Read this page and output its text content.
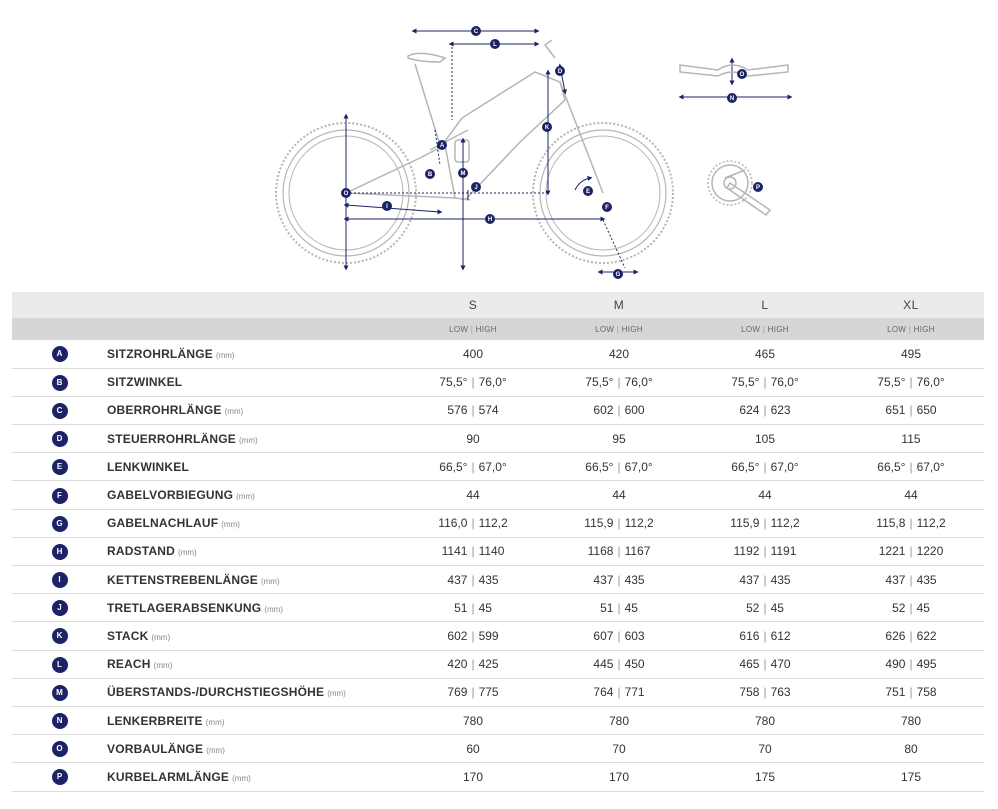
C
L
D
K
A
B	M
J
O
I
H
E
F
G
O
N
P
		S	M	L	XL
		LOW | HIGH	LOW | HIGH	LOW | HIGH	LOW | HIGH
A	SITZROHRLÄNGE (mm)	400	420	465	495
B	SITZWINKEL	75,5° | 76,0°	75,5° | 76,0°	75,5° | 76,0°	75,5° | 76,0°
C	OBERROHRLÄNGE (mm)	576 | 574	602 | 600	624 | 623	651 | 650
D	STEUERROHRLÄNGE (mm)	90	95	105	115
E	LENKWINKEL	66,5° | 67,0°	66,5° | 67,0°	66,5° | 67,0°	66,5° | 67,0°
F	GABELVORBIEGUNG (mm)	44	44	44	44
G	GABELNACHLAUF (mm)	116,0 | 112,2	115,9 | 112,2	115,9 | 112,2	115,8 | 112,2
H	RADSTAND (mm)	1141 | 1140	1168 | 1167	1192 | 1191	1221 | 1220
I	KETTENSTREBENLÄNGE (mm)	437 | 435	437 | 435	437 | 435	437 | 435
J	TRETLAGERABSENKUNG (mm)	51 | 45	51 | 45	52 | 45	52 | 45
K	STACK (mm)	602 | 599	607 | 603	616 | 612	626 | 622
L	REACH (mm)	420 | 425	445 | 450	465 | 470	490 | 495
M	ÜBERSTANDS-/DURCHSTIEGSHÖHE (mm)	769 | 775	764 | 771	758 | 763	751 | 758
N	LENKERBREITE (mm)	780	780	780	780
O	VORBAULÄNGE (mm)	60	70	70	80
P	KURBELARMLÄNGE (mm)	170	170	175	175
